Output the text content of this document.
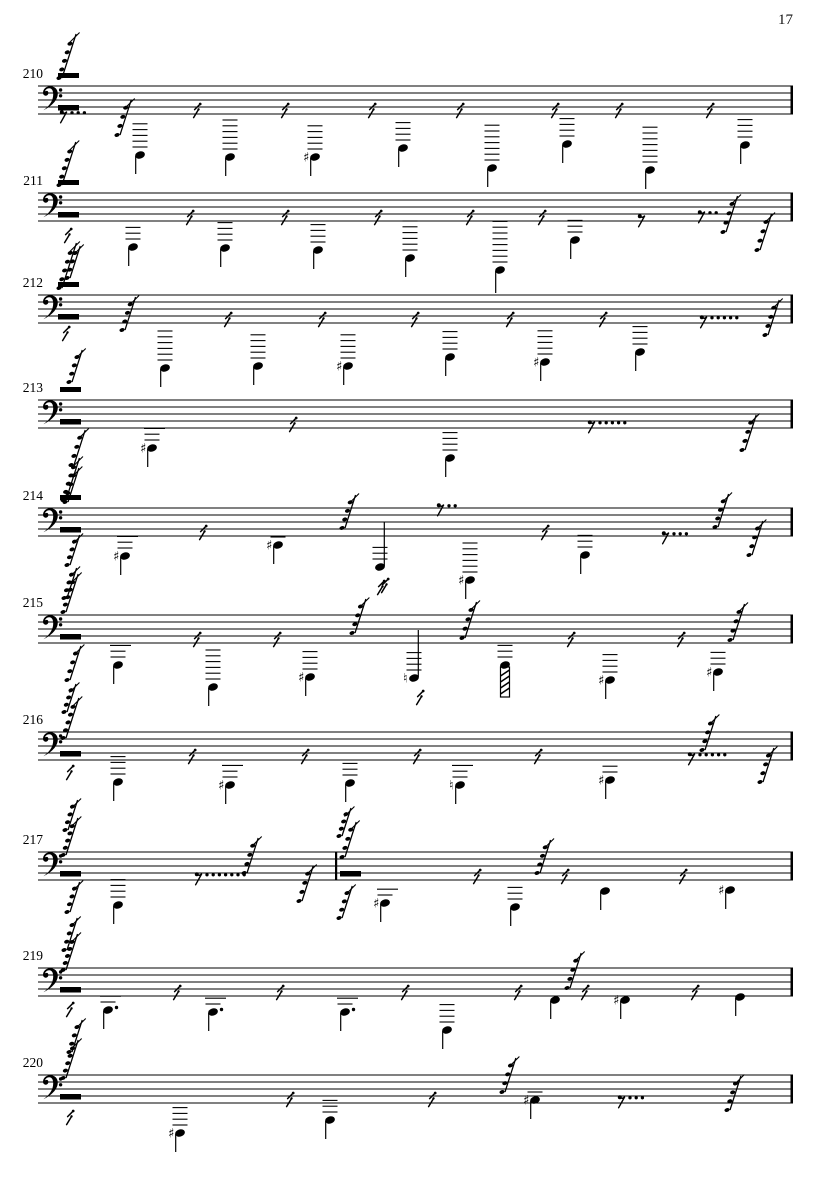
17
210
♯
211
212
♯	♯
213
♯
214
♯
♯
♯
215
♯	♮	♯
♯
216
♯	♮	♯
217
♯
♯
219
♯
220
♯
♯
